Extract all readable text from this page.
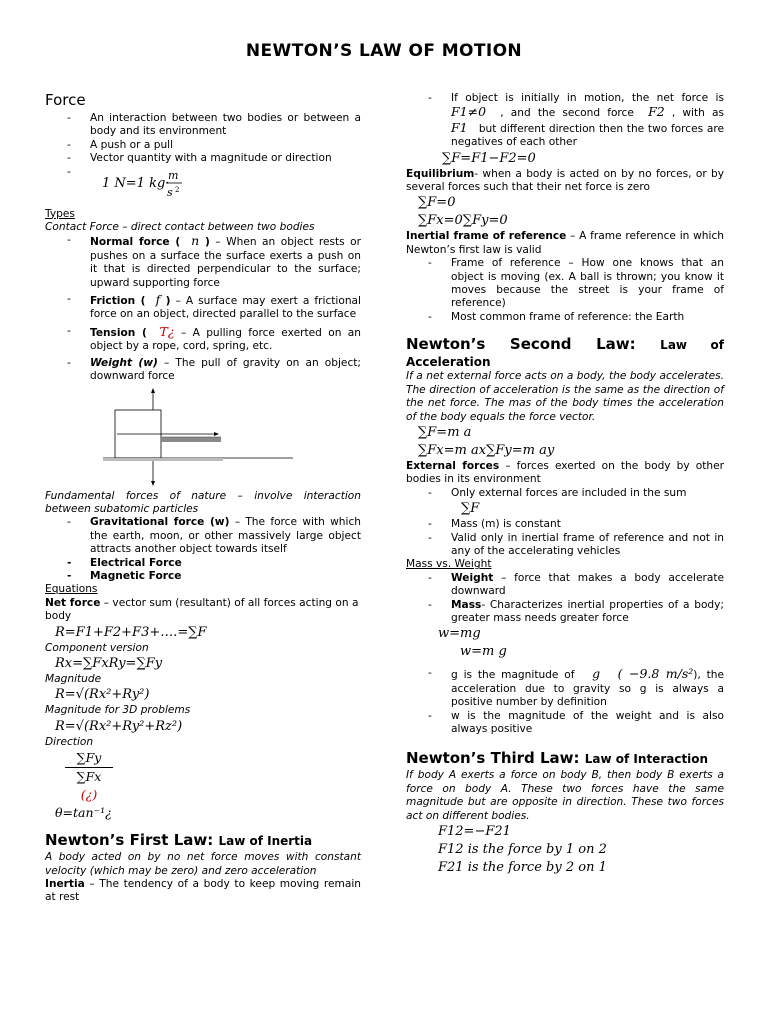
NEWTON’S LAW OF MOTION
Force
- An interaction between two bodies or between a body and its environment
- A push or a pull
- Vector quantity with a magnitude or direction
- 1 N=1 kg·
m
s 2

Types

Contact Force – direct contact between two bodies

- Normal force ( n ) – When an object rests or pushes on a surface the surface exerts a push on it that is directed perpendicular to the surface; upward supporting force
- Friction ( f ) – A surface may exert a frictional force on an object, directed parallel to the surface
- Tension ( T¿ – A pulling force exerted on an object by a rope, cord, spring, etc.
- Weight (w) – The pull of gravity on an object; downward force

Fundamental forces of nature – involve interaction between subatomic particles

- Gravitational force (w) – The force with which the earth, moon, or other massively large object attracts another object towards itself
- Electrical Force
- Magnetic Force

Equations

Net force – vector sum (resultant) of all forces acting on a body

R=F1+F2+F3+….=∑F

Component version

Rx=∑FxRy=∑Fy

Magnitude

R=√(Rx²+Ry²)

Magnitude for 3D problems

R=√(Rx²+Ry²+Rz²)

Direction

∑Fy
∑Fx
(¿)

θ=tan⁻¹¿

Newton’s First Law: Law of Inertia

A body acted on by no net force moves with constant velocity (which may be zero) and zero acceleration

Inertia – The tendency of a body to keep moving remain at rest

- If object is initially in motion, the net force is F1≠0 , and the second force F2 , with as F1 but different direction then the two forces are negatives of each other

∑F=F1−F2=0

Equilibrium- when a body is acted on by no forces, or by several forces such that their net force is zero

∑F=0

∑Fx=0∑Fy=0

Inertial frame of reference – A frame reference in which Newton’s first law is valid

- Frame of reference – How one knows that an object is moving (ex. A ball is thrown; you know it moves because the street is your frame of reference)
- Most common frame of reference: the Earth
Newton’s Second Law: Law of Acceleration

If a net external force acts on a body, the body accelerates. The direction of acceleration is the same as the direction of the net force. The mas of the body times the acceleration of the body equals the force vector.

∑F=m a

∑Fx=m ax∑Fy=m ay

External forces – forces exerted on the body by other bodies in its environment

- Only external forces are included in the sum
∑F
- Mass (m) is constant
- Valid only in inertial frame of reference and not in any of the accelerating vehicles

Mass vs. Weight

- Weight – force that makes a body accelerate downward
- Mass- Characterizes inertial properties of a body; greater mass needs greater force

w=mg

w=m g

- g is the magnitude of g ( −9.8 m/s²), the acceleration due to gravity so g is always a positive number by definition
- w is the magnitude of the weight and is also always positive
Newton’s Third Law: Law of Interaction

If body A exerts a force on body B, then body B exerts a force on body A. These two forces have the same magnitude but are opposite in direction. These two forces act on different bodies.

F12=−F21

F12 is the force by 1 on 2

F21 is the force by 2 on 1
